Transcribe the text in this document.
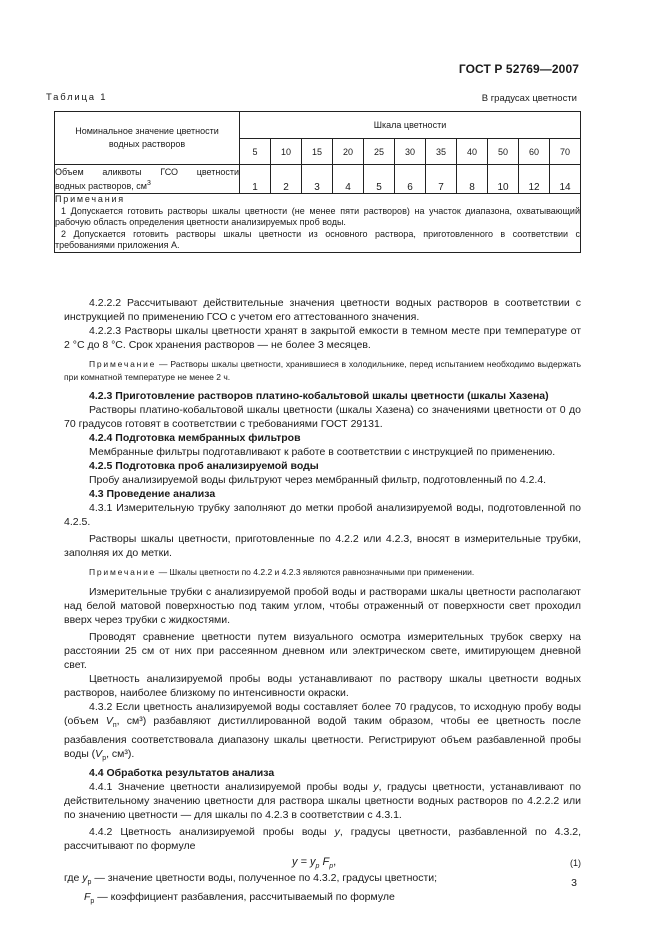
ГОСТ Р 52769—2007
Таблица 1	В градусах цветности
Номинальное значение цветности
водных растворов	Шкала цветности										
	5	10	15	20	25	30	35	40	50	60	70

Объем аликвоты ГСО цветности
водных растворов, $см^3$	1	2	3	4	5	6	7	8	10	12	14

Примечания
1 Допускается готовить растворы шкалы цветности (не менее пяти растворов) на участок диапазона, охватывающий рабочую область определения цветности анализируемых проб воды.
2 Допускается готовить растворы шкалы цветности из основного раствора, приготовленного в соответствии с требованиями приложения А.											

4.2.2.2 Рассчитывают действительные значения цветности водных растворов в соответствии с инструкцией по применению ГСО с учетом его аттестованного значения.

4.2.2.3 Растворы шкалы цветности хранят в закрытой емкости в темном месте при температуре от 2 °С до 8 °С. Срок хранения растворов — не более 3 месяцев.

Примечание — Растворы шкалы цветности, хранившиеся в холодильнике, перед испытанием необходимо выдержать при комнатной температуре не менее 2 ч.

4.2.3 Приготовление растворов платино-кобальтовой шкалы цветности (шкалы Хазена)

Растворы платино-кобальтовой шкалы цветности (шкалы Хазена) со значениями цветности от 0 до 70 градусов готовят в соответствии с требованиями ГОСТ 29131.

4.2.4 Подготовка мембранных фильтров

Мембранные фильтры подготавливают к работе в соответствии с инструкцией по применению.

4.2.5 Подготовка проб анализируемой воды

Пробу анализируемой воды фильтруют через мембранный фильтр, подготовленный по 4.2.4.

4.3 Проведение анализа

4.3.1 Измерительную трубку заполняют до метки пробой анализируемой воды, подготовленной по 4.2.5.

Растворы шкалы цветности, приготовленные по 4.2.2 или 4.2.3, вносят в измерительные трубки, заполняя их до метки.

Примечание — Шкалы цветности по 4.2.2 и 4.2.3 являются равнозначными при применении.

Измерительные трубки с анализируемой пробой воды и растворами шкалы цветности располагают над белой матовой поверхностью под таким углом, чтобы отраженный от поверхности свет проходил вверх через трубки с жидкостями.

Проводят сравнение цветности путем визуального осмотра измерительных трубок сверху на расстоянии 25 см от них при рассеянном дневном или электрическом свете, имитирующем дневной свет.

Цветность анализируемой пробы воды устанавливают по раствору шкалы цветности водных растворов, наиболее близкому по интенсивности окраски.

4.3.2 Если цветность анализируемой воды составляет более 70 градусов, то исходную пробу воды (объем $V_п$, см³) разбавляют дистиллированной водой таким образом, чтобы ее цветность после разбавления соответствовала диапазону шкалы цветности. Регистрируют объем разбавленной пробы воды ($V_р$, см³).

4.4 Обработка результатов анализа

4.4.1 Значение цветности анализируемой пробы воды у, градусы цветности, устанавливают по действительному значению цветности для раствора шкалы цветности водных растворов по 4.2.2.2 или по значению цветности — для шкалы по 4.2.3 в соответствии с 4.3.1.

4.4.2 Цветность анализируемой пробы воды у, градусы цветности, разбавленной по 4.3.2, рассчитывают по формуле

$у = у_р$ $F_р$,	(1)

где $у_р$ — значение цветности воды, полученное по 4.3.2, градусы цветности;

$F_р$ — коэффициент разбавления, рассчитываемый по формуле

3
